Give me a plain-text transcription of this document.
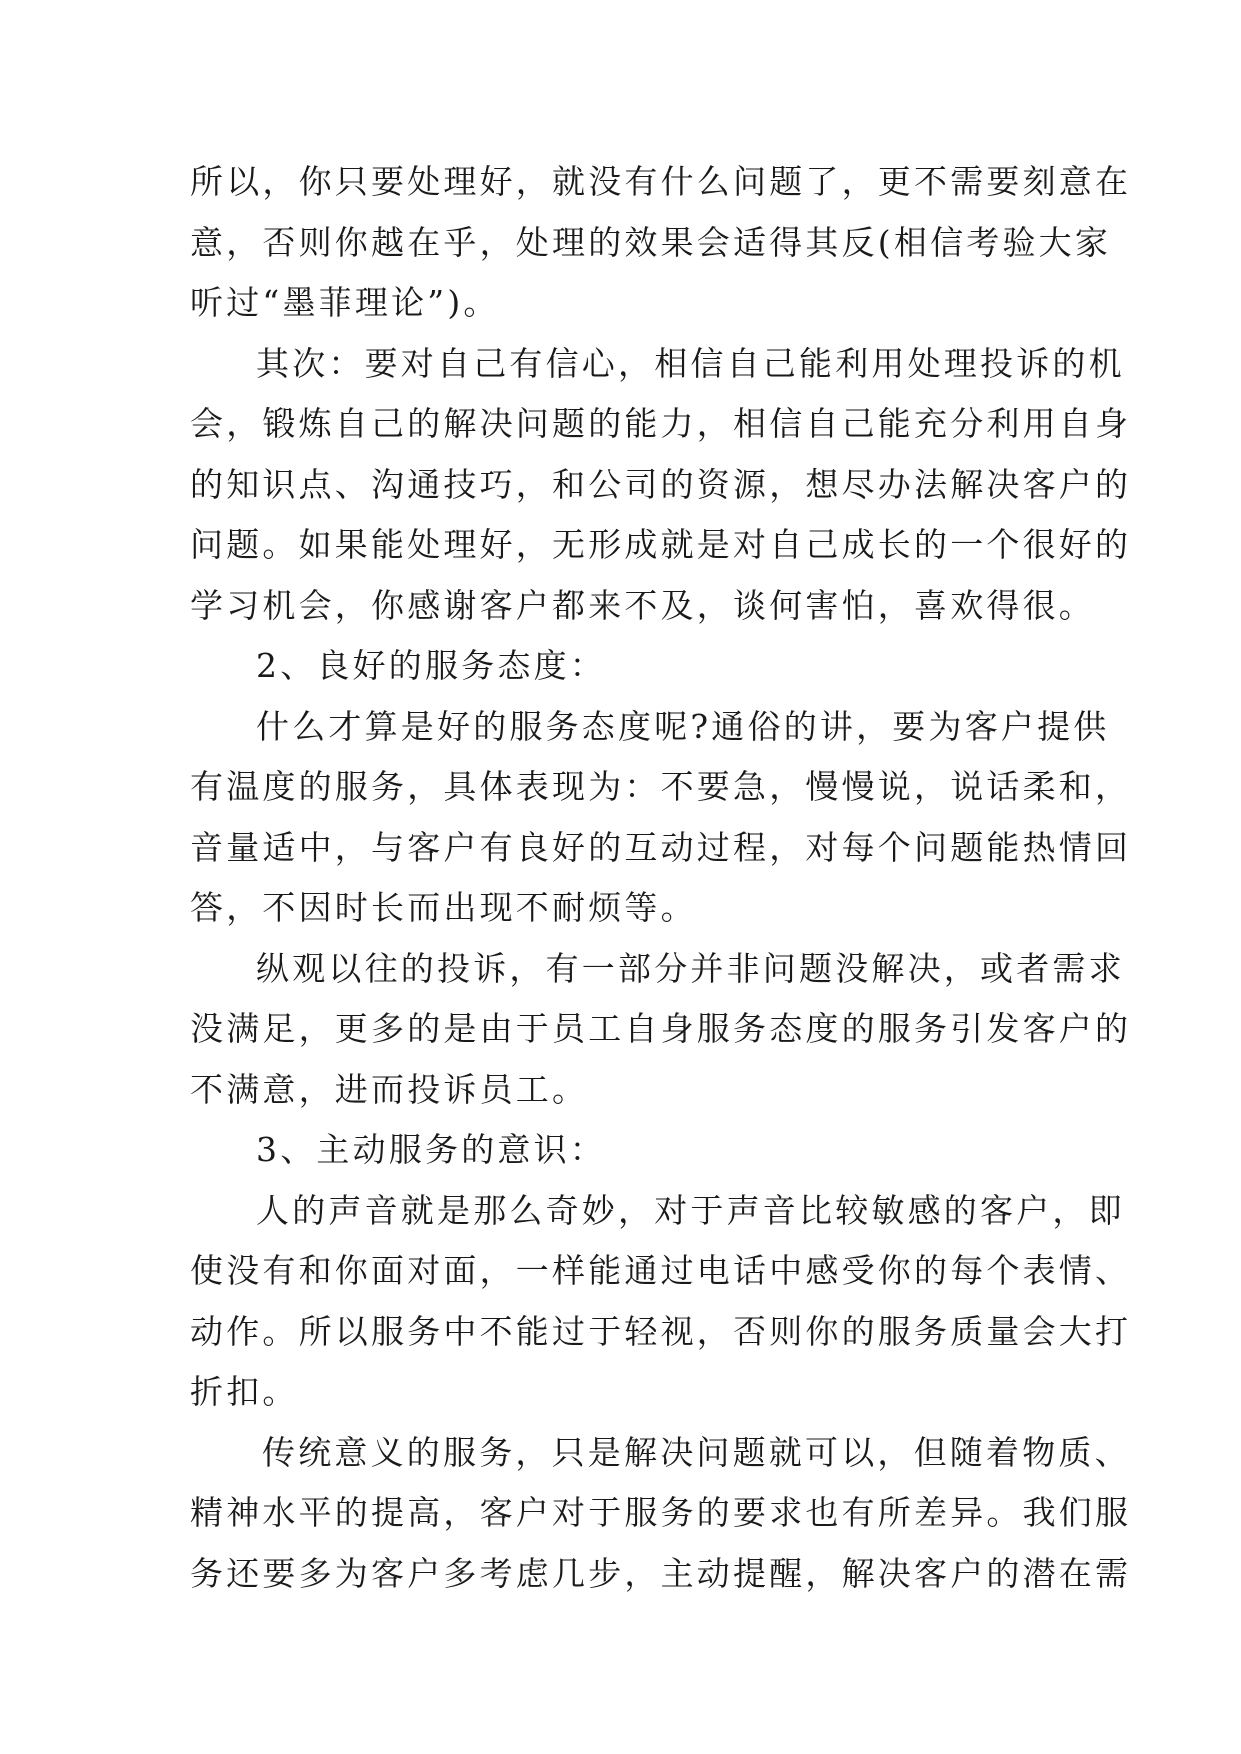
所以，你只要处理好，就没有什么问题了，更不需要刻意在
意，否则你越在乎，处理的效果会适得其反(相信考验大家
听过“墨菲理论”)。
其次：要对自己有信心，相信自己能利用处理投诉的机
会，锻炼自己的解决问题的能力，相信自己能充分利用自身
的知识点、沟通技巧，和公司的资源，想尽办法解决客户的
问题。如果能处理好，无形成就是对自己成长的一个很好的
学习机会，你感谢客户都来不及，谈何害怕，喜欢得很。
2、良好的服务态度：
什么才算是好的服务态度呢?通俗的讲，要为客户提供
有温度的服务，具体表现为：不要急，慢慢说，说话柔和，
音量适中，与客户有良好的互动过程，对每个问题能热情回
答，不因时长而出现不耐烦等。
纵观以往的投诉，有一部分并非问题没解决，或者需求
没满足，更多的是由于员工自身服务态度的服务引发客户的
不满意，进而投诉员工。
3、主动服务的意识：
人的声音就是那么奇妙，对于声音比较敏感的客户，即
使没有和你面对面，一样能通过电话中感受你的每个表情、
动作。所以服务中不能过于轻视，否则你的服务质量会大打
折扣。
传统意义的服务，只是解决问题就可以，但随着物质、
精神水平的提高，客户对于服务的要求也有所差异。我们服
务还要多为客户多考虑几步，主动提醒，解决客户的潜在需
